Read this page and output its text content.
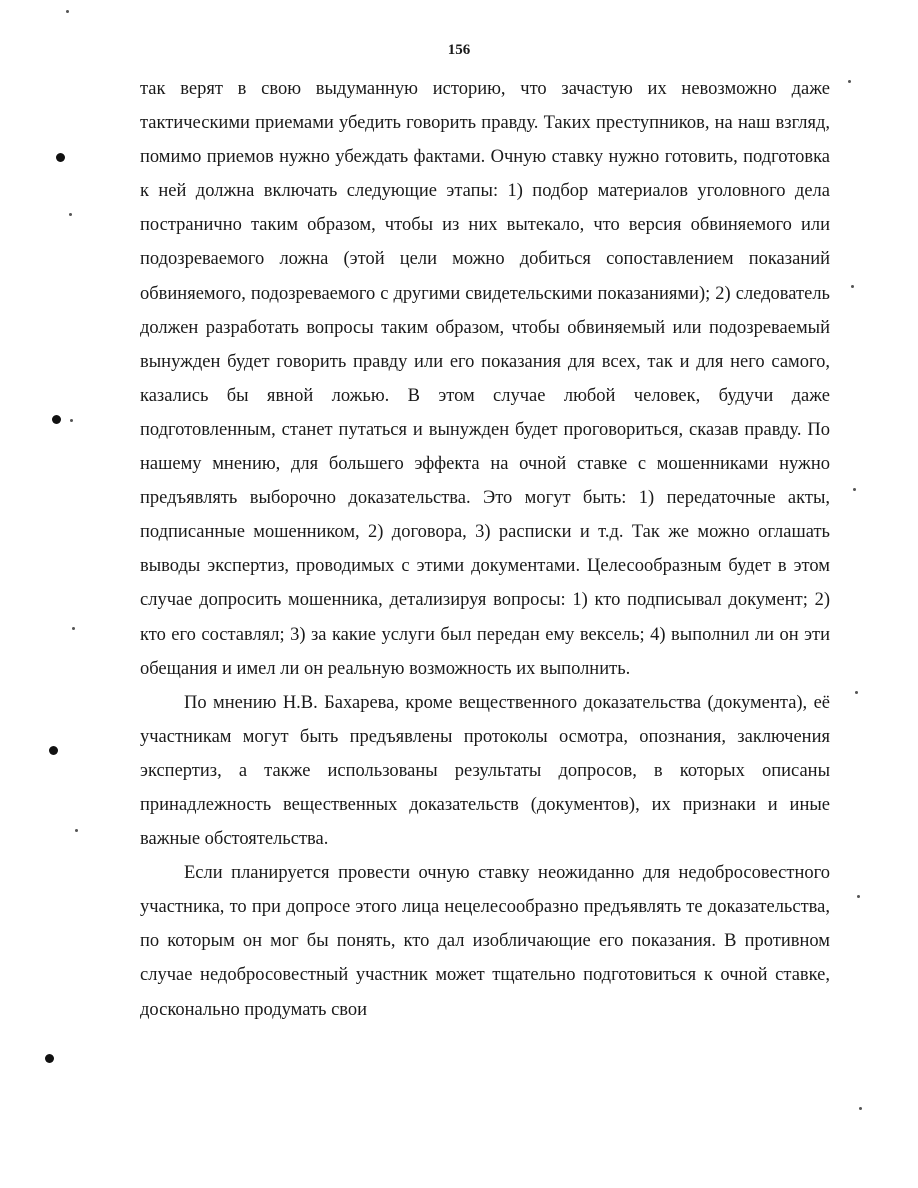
156

так верят в свою выдуманную историю, что зачастую их невозможно даже тактическими приемами убедить говорить правду. Таких преступников, на наш взгляд, помимо приемов нужно убеждать фактами. Очную ставку нужно готовить, подготовка к ней должна включать следующие этапы: 1) подбор материалов уголовного дела постранично таким образом, чтобы из них вытекало, что версия обвиняемого или подозреваемого ложна (этой цели можно добиться сопоставлением показаний обвиняемого, подозреваемого с другими свидетельскими показаниями); 2) следователь должен разработать вопросы таким образом, чтобы обвиняемый или подозреваемый вынужден будет говорить правду или его показания для всех, так и для него самого, казались бы явной ложью. В этом случае любой человек, будучи даже подготовленным, станет путаться и вынужден будет проговориться, сказав правду. По нашему мнению, для большего эффекта на очной ставке с мошенниками нужно предъявлять выборочно доказательства. Это могут быть: 1) передаточные акты, подписанные мошенником, 2) договора, 3) расписки и т.д. Так же можно оглашать выводы экспертиз, проводимых с этими документами. Целесообразным будет в этом случае допросить мошенника, детализируя вопросы: 1) кто подписывал документ; 2) кто его составлял; 3) за какие услуги был передан ему вексель; 4) выполнил ли он эти обещания и имел ли он реальную возможность их выполнить.

По мнению Н.В. Бахарева, кроме вещественного доказательства (документа), её участникам могут быть предъявлены протоколы осмотра, опознания, заключения экспертиз, а также использованы результаты допросов, в которых описаны принадлежность вещественных доказательств (документов), их признаки и иные важные обстоятельства.

Если планируется провести очную ставку неожиданно для недобросовестного участника, то при допросе этого лица нецелесообразно предъявлять те доказательства, по которым он мог бы понять, кто дал изобличающие его показания. В противном случае недобросовестный участник может тщательно подготовиться к очной ставке, досконально продумать свои
